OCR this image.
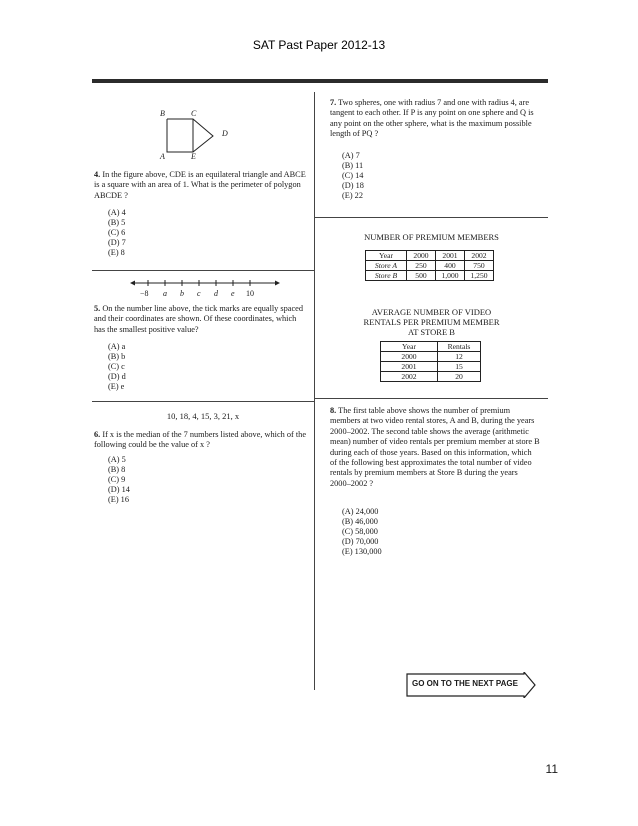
SAT Past Paper 2012-13
B	C
D
A	E
4. In the figure above, CDE is an equilateral triangle and ABCE is a square with an area of 1. What is the perimeter of polygon ABCDE ?
(A) 4
(B) 5
(C) 6
(D) 7
(E) 8
−8 a b c d e 10
5. On the number line above, the tick marks are equally spaced and their coordinates are shown. Of these coordinates, which has the smallest positive value?
(A) a
(B) b
(C) c
(D) d
(E) e
10, 18, 4, 15, 3, 21, x
6. If x is the median of the 7 numbers listed above, which of the following could be the value of x ?
(A) 5
(B) 8
(C) 9
(D) 14
(E) 16
7. Two spheres, one with radius 7 and one with radius 4, are tangent to each other. If P is any point on one sphere and Q is any point on the other sphere, what is the maximum possible length of PQ ?
(A) 7
(B) 11
(C) 14
(D) 18
(E) 22
NUMBER OF PREMIUM MEMBERS
Year	2000	2001	2002
Store A	250	400	750
Store B	500	1,000	1,250
AVERAGE NUMBER OF VIDEO
RENTALS PER PREMIUM MEMBER
AT STORE B
Year	Rentals
2000	12
2001	15
2002	20
8. The first table above shows the number of premium members at two video rental stores, A and B, during the years 2000–2002. The second table shows the average (arithmetic mean) number of video rentals per premium member at store B during each of those years. Based on this information, which of the following best approximates the total number of video rentals by premium members at Store B during the years 2000–2002 ?
(A) 24,000
(B) 46,000
(C) 58,000
(D) 70,000
(E) 130,000
GO ON TO THE NEXT PAGE
11
